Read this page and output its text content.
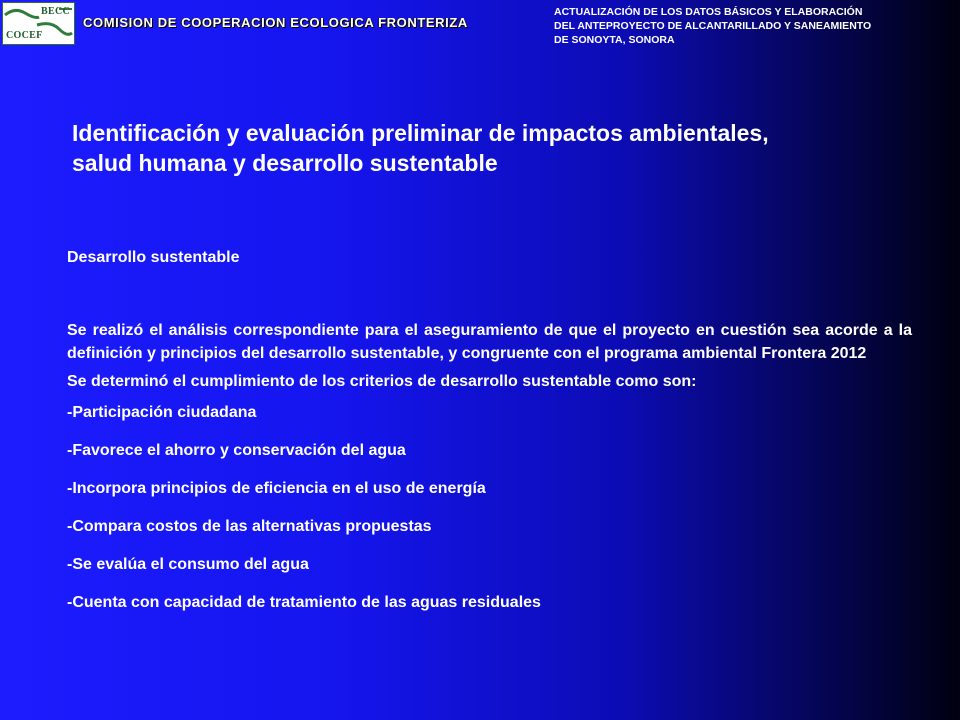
BECC
COCEF
COMISION DE COOPERACION ECOLOGICA FRONTERIZA
ACTUALIZACIÓN DE LOS DATOS BÁSICOS Y ELABORACIÓN
DEL ANTEPROYECTO DE ALCANTARILLADO Y SANEAMIENTO
DE SONOYTA, SONORA
Identificación y evaluación preliminar de impactos ambientales,
salud humana y desarrollo sustentable

Desarrollo sustentable

Se realizó el análisis correspondiente para el aseguramiento de que el proyecto en cuestión sea acorde a la definición y principios del desarrollo sustentable, y congruente con el programa ambiental Frontera 2012
Se determinó el cumplimiento de los criterios de desarrollo sustentable como son:
-Participación ciudadana
-Favorece el ahorro y conservación del agua
-Incorpora principios de eficiencia en el uso de energía
-Compara costos de las alternativas propuestas
-Se evalúa el consumo del agua
-Cuenta con capacidad de tratamiento de las aguas residuales
